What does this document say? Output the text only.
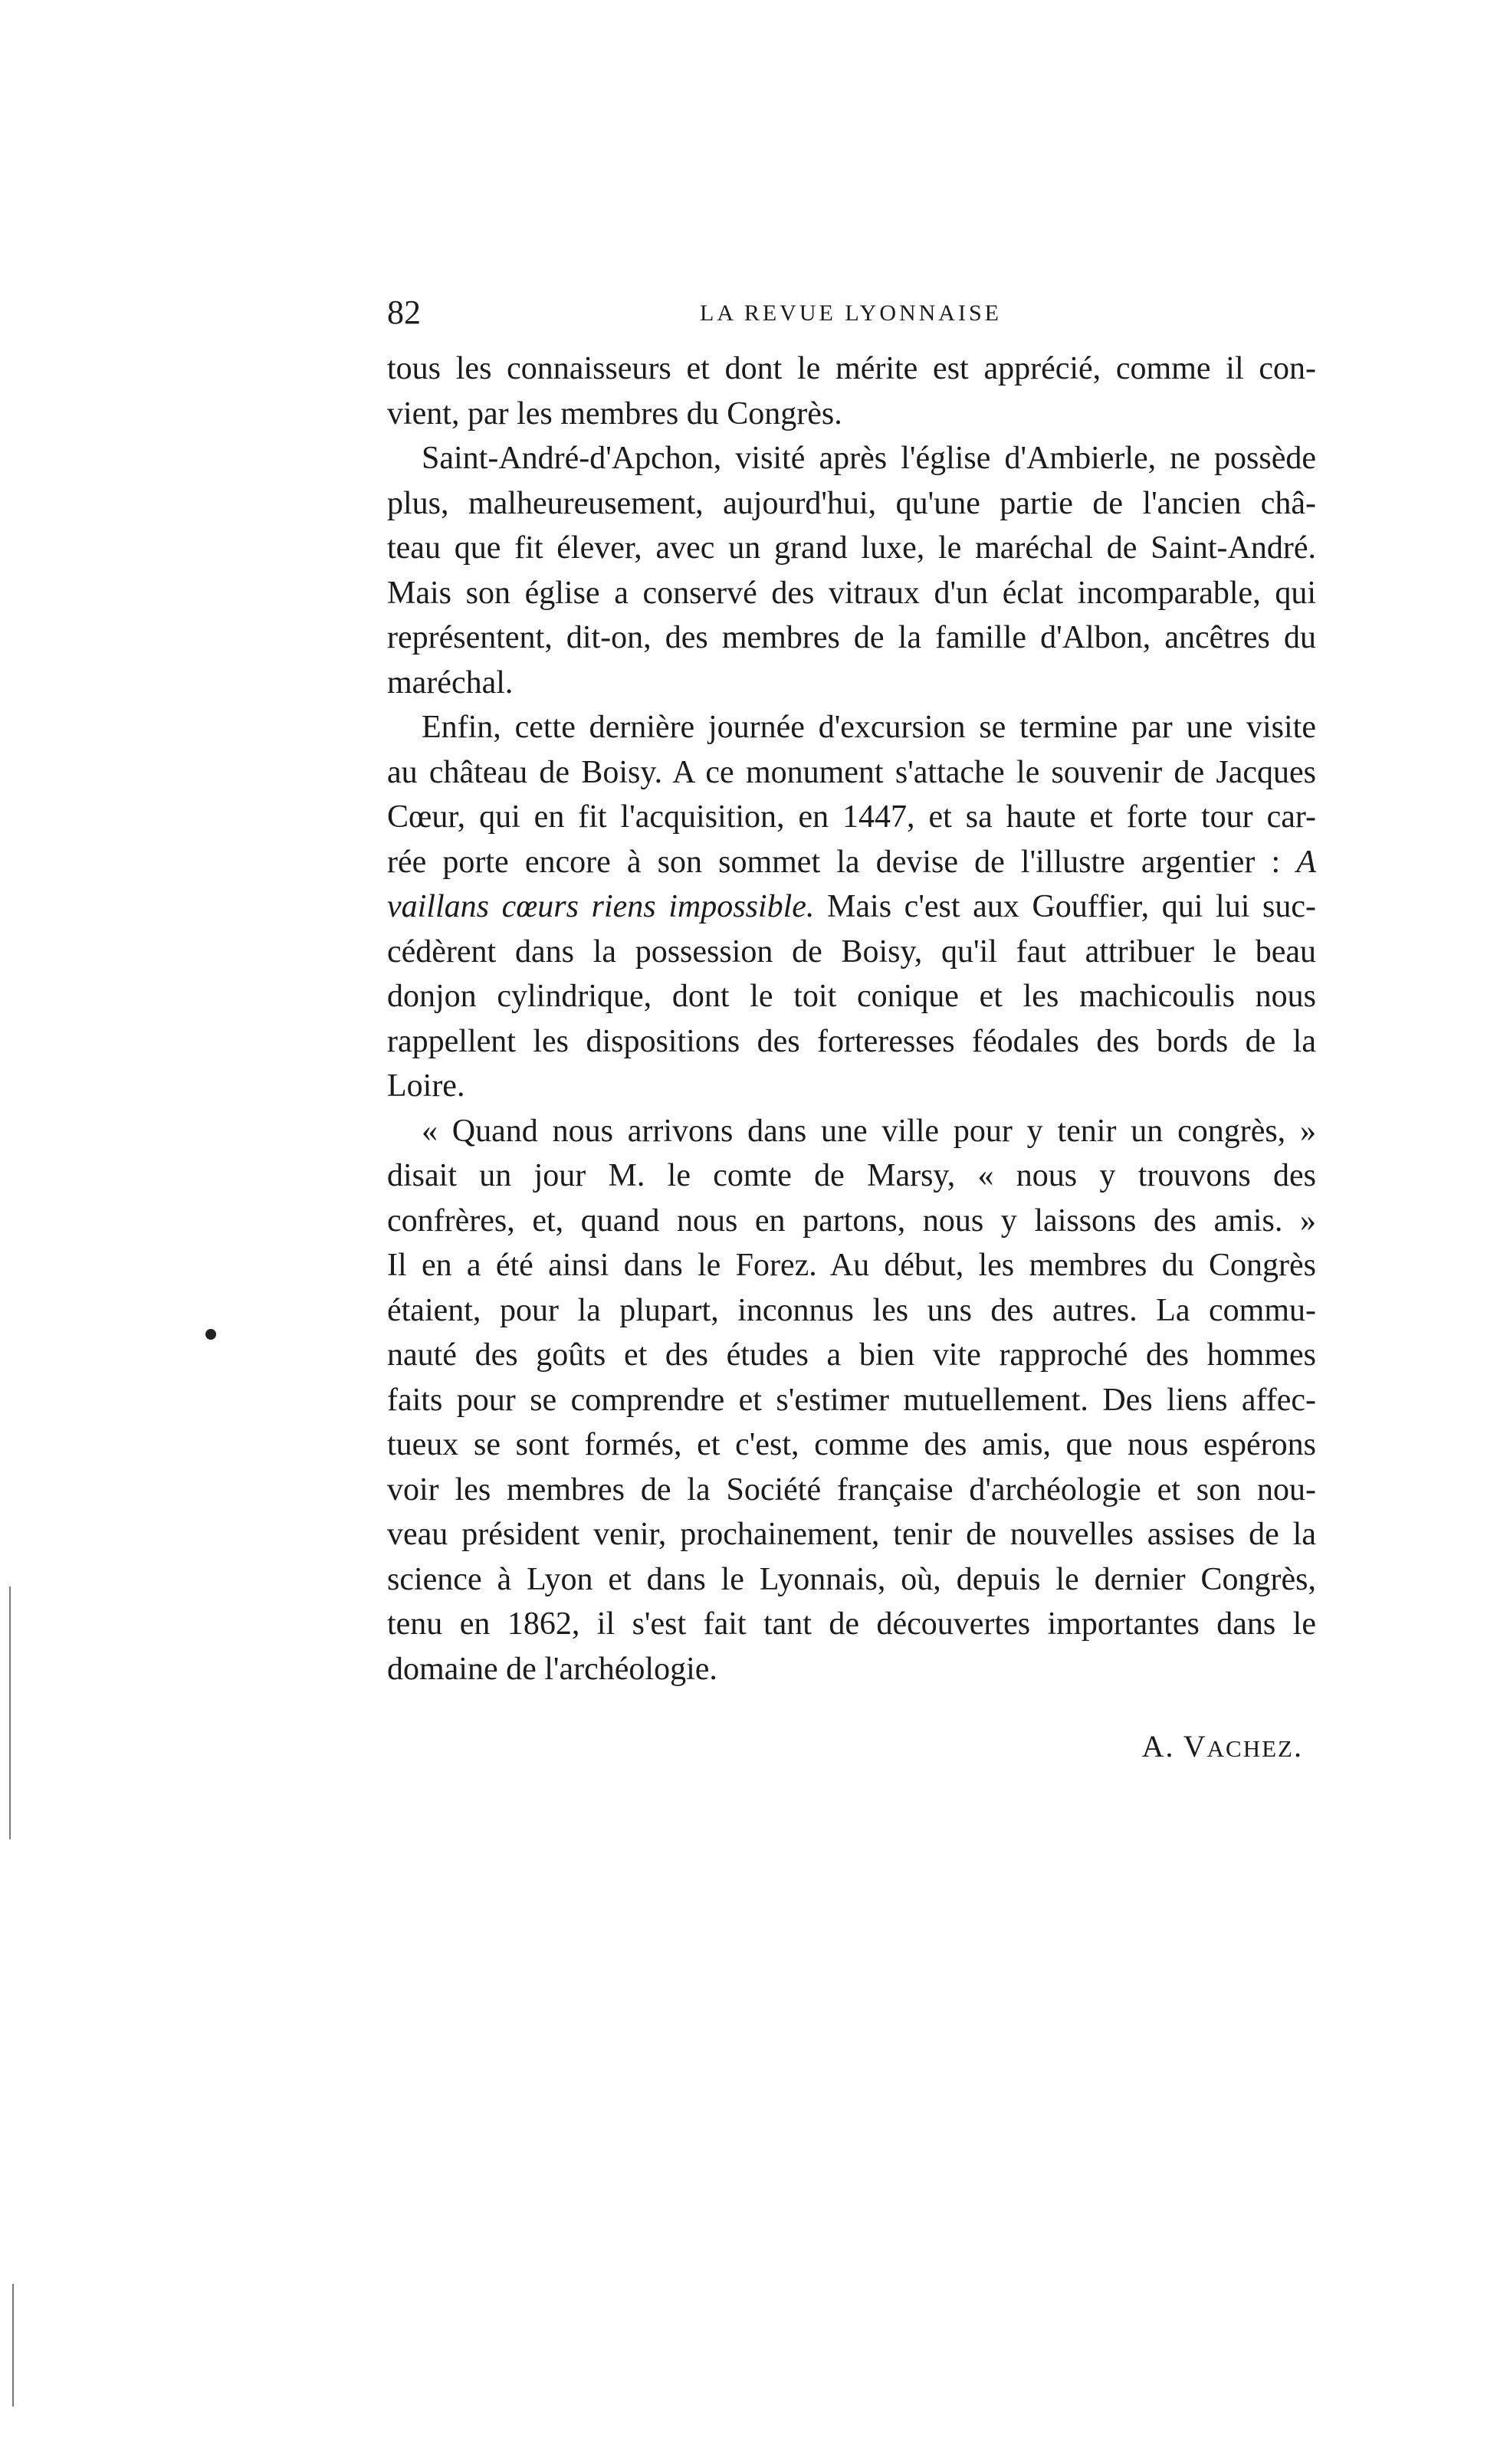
82	LA REVUE LYONNAISE
tous les connaisseurs et dont le mérite est apprécié, comme il con-
vient, par les membres du Congrès.
Saint-André-d'Apchon, visité après l'église d'Ambierle, ne possède
plus, malheureusement, aujourd'hui, qu'une partie de l'ancien châ-
teau que fit élever, avec un grand luxe, le maréchal de Saint-André.
Mais son église a conservé des vitraux d'un éclat incomparable, qui
représentent, dit-on, des membres de la famille d'Albon, ancêtres du
maréchal.
Enfin, cette dernière journée d'excursion se termine par une visite
au château de Boisy. A ce monument s'attache le souvenir de Jacques
Cœur, qui en fit l'acquisition, en 1447, et sa haute et forte tour car-
rée porte encore à son sommet la devise de l'illustre argentier : A
vaillans cœurs riens impossible. Mais c'est aux Gouffier, qui lui suc-
cédèrent dans la possession de Boisy, qu'il faut attribuer le beau
donjon cylindrique, dont le toit conique et les machicoulis nous
rappellent les dispositions des forteresses féodales des bords de la
Loire.
« Quand nous arrivons dans une ville pour y tenir un congrès, »
disait un jour M. le comte de Marsy, « nous y trouvons des
confrères, et, quand nous en partons, nous y laissons des amis. »
Il en a été ainsi dans le Forez. Au début, les membres du Congrès
étaient, pour la plupart, inconnus les uns des autres. La commu-
nauté des goûts et des études a bien vite rapproché des hommes
faits pour se comprendre et s'estimer mutuellement. Des liens affec-
tueux se sont formés, et c'est, comme des amis, que nous espérons
voir les membres de la Société française d'archéologie et son nou-
veau président venir, prochainement, tenir de nouvelles assises de la
science à Lyon et dans le Lyonnais, où, depuis le dernier Congrès,
tenu en 1862, il s'est fait tant de découvertes importantes dans le
domaine de l'archéologie.
A. VACHEZ.
